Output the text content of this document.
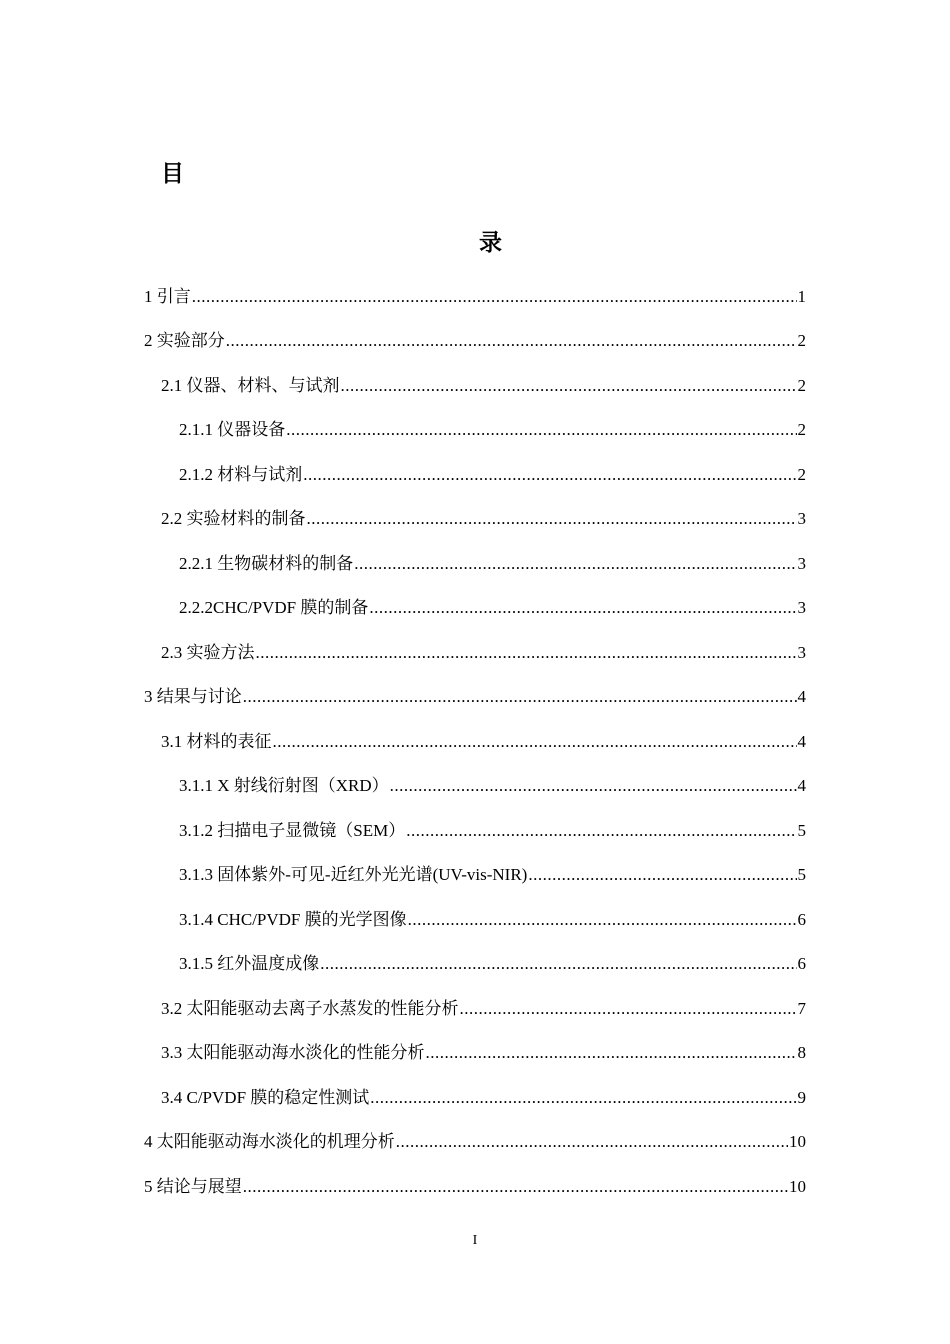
目
录
1 引言 .....	1
2 实验部分 .....	2
2.1 仪器、材料、与试剂 .....	2
2.1.1 仪器设备 .....	2
2.1.2 材料与试剂 .....	2
2.2 实验材料的制备 .....	3
2.2.1 生物碳材料的制备 .....	3
2.2.2CHC/PVDF 膜的制备 .....	3
2.3 实验方法 .....	3
3 结果与讨论 .....	4
3.1 材料的表征 .....	4
3.1.1 X 射线衍射图（XRD） .....	4
3.1.2 扫描电子显微镜（SEM） .....	5
3.1.3 固体紫外-可见-近红外光光谱(UV-vis-NIR) .....	5
3.1.4 CHC/PVDF 膜的光学图像 .....	6
3.1.5 红外温度成像 .....	6
3.2 太阳能驱动去离子水蒸发的性能分析 .....	7
3.3 太阳能驱动海水淡化的性能分析 .....	8
3.4 C/PVDF 膜的稳定性测试 .....	9
4 太阳能驱动海水淡化的机理分析 .....	10
5 结论与展望 .....	10
I
